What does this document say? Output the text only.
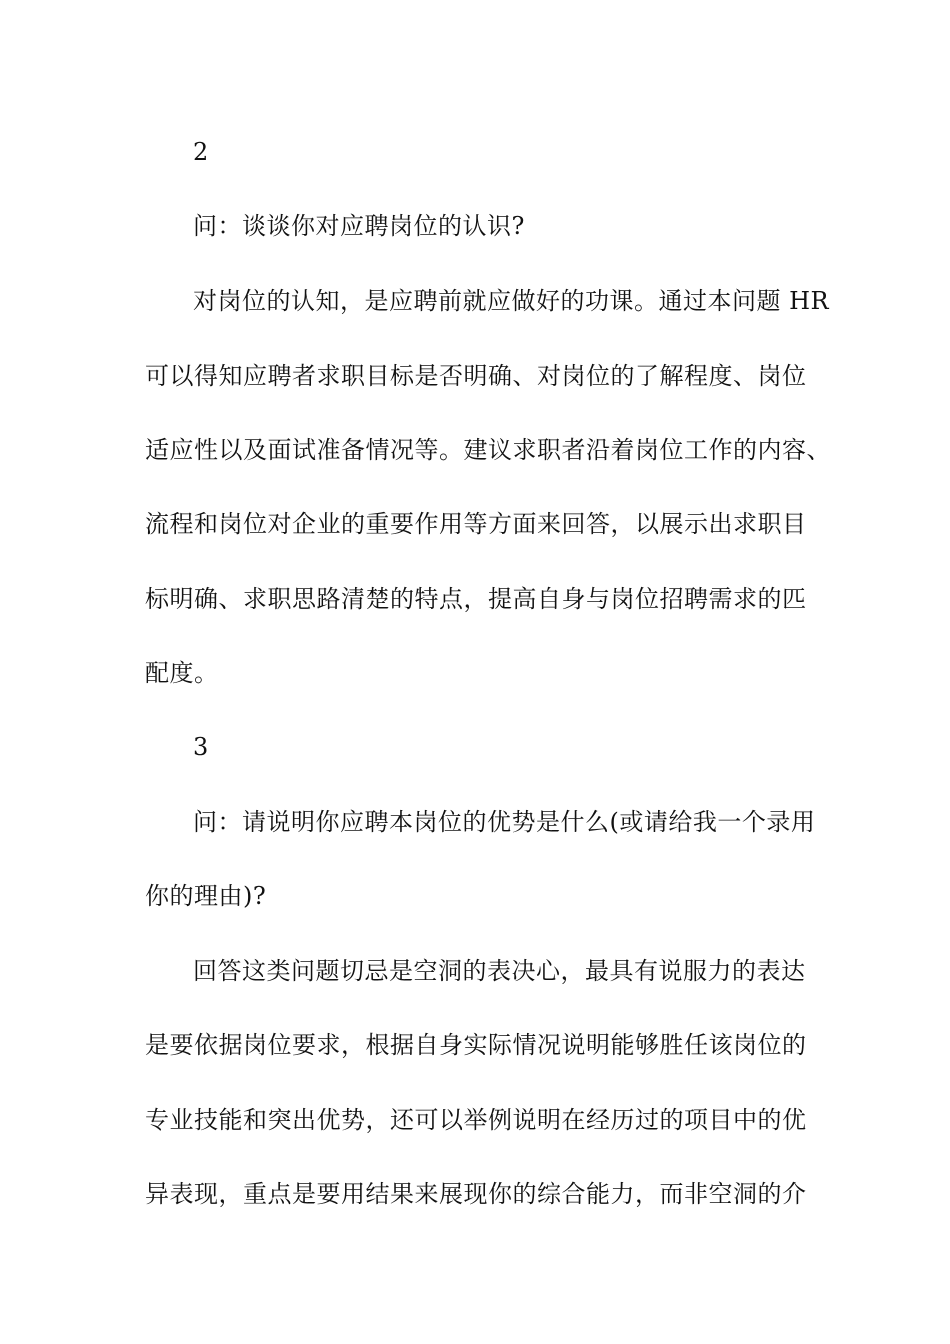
2
问：谈谈你对应聘岗位的认识?
对岗位的认知，是应聘前就应做好的功课。通过本问题 HR
可以得知应聘者求职目标是否明确、对岗位的了解程度、岗位
适应性以及面试准备情况等。建议求职者沿着岗位工作的内容、
流程和岗位对企业的重要作用等方面来回答，以展示出求职目
标明确、求职思路清楚的特点，提高自身与岗位招聘需求的匹
配度。
3
问：请说明你应聘本岗位的优势是什么(或请给我一个录用
你的理由)?
回答这类问题切忌是空洞的表决心，最具有说服力的表达
是要依据岗位要求，根据自身实际情况说明能够胜任该岗位的
专业技能和突出优势，还可以举例说明在经历过的项目中的优
异表现，重点是要用结果来展现你的综合能力，而非空洞的介
